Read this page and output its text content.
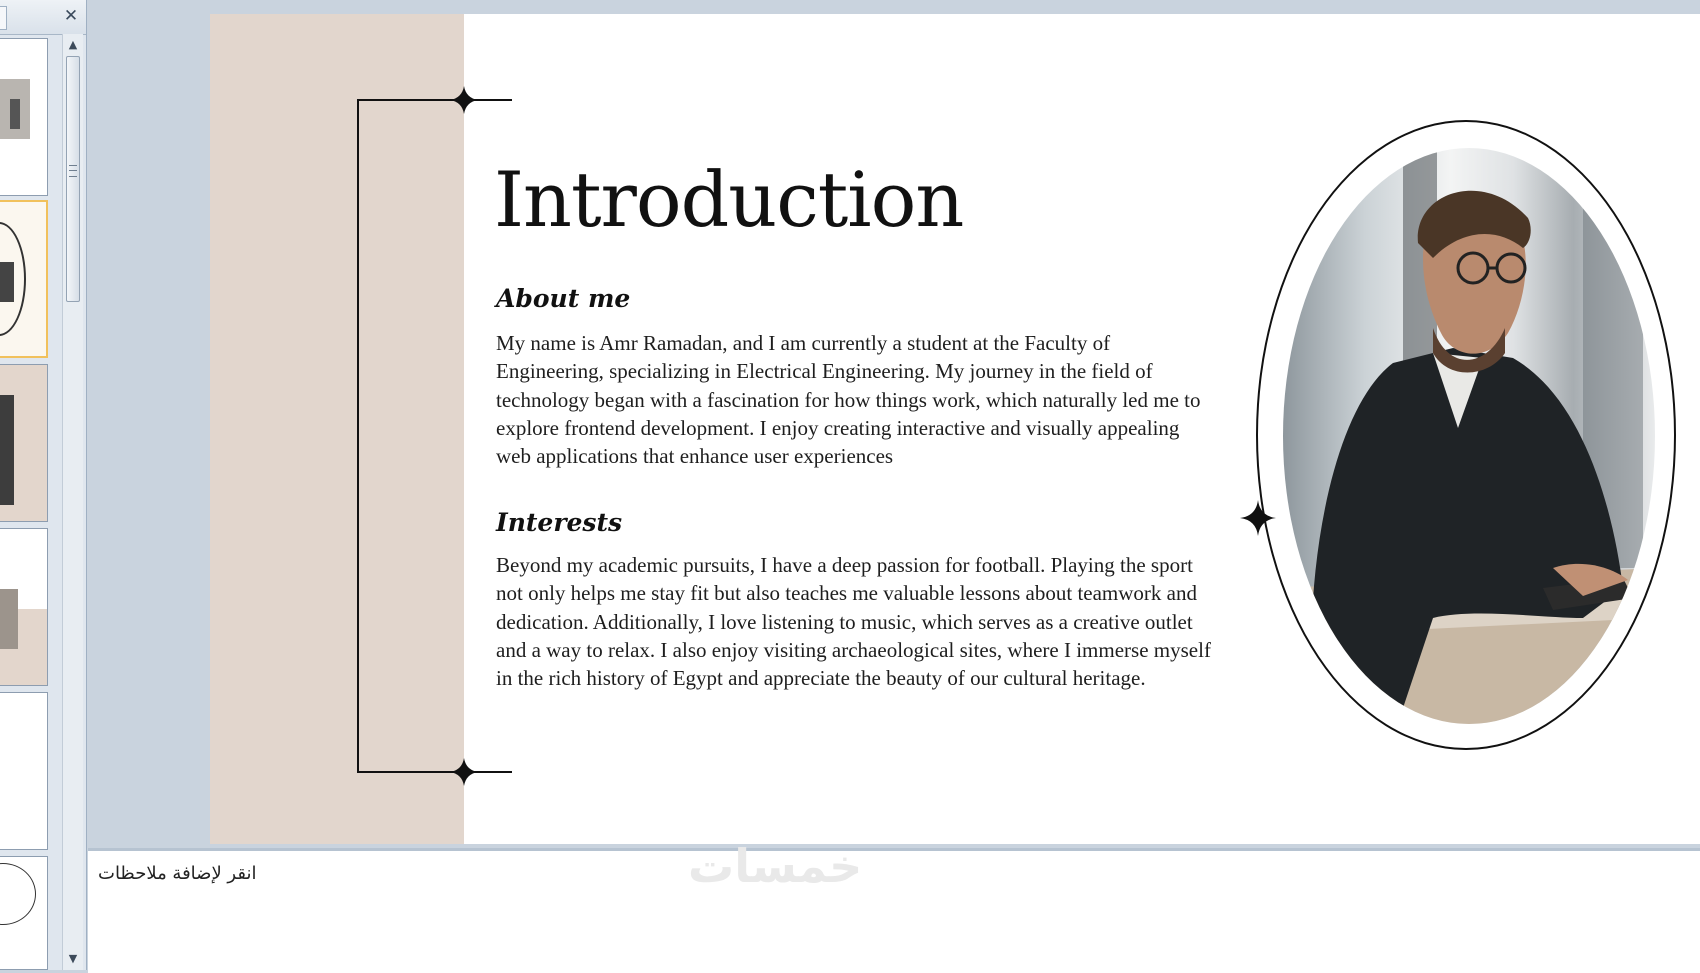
✕
▲
▼
Introduction
About me

My name is Amr Ramadan, and I am currently a student at the Faculty of Engineering, specializing in Electrical Engineering. My journey in the field of technology began with a fascination for how things work, which naturally led me to explore frontend development. I enjoy creating interactive and visually appealing web applications that enhance user experiences

Interests

Beyond my academic pursuits, I have a deep passion for football. Playing the sport not only helps me stay fit but also teaches me valuable lessons about teamwork and dedication. Additionally, I love listening to music, which serves as a creative outlet and a way to relax. I also enjoy visiting archaeological sites, where I immerse myself in the rich history of Egypt and appreciate the beauty of our cultural heritage.

انقر لإضافة ملاحظات	خمسات
